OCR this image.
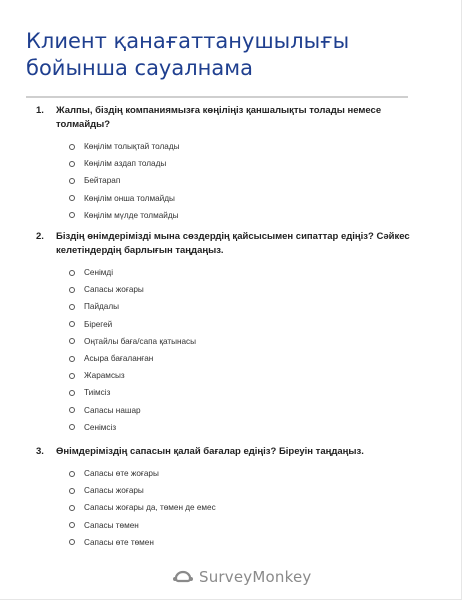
Клиент қанағаттанушылығы бойынша сауалнама
1.	Жалпы, біздің компаниямызға көңіліңіз қаншалықты толады немесе толмайды?
Көңілім толықтай толады
Көңілім аздап толады
Бейтарап
Көңілім онша толмайды
Көңілім мүлде толмайды
2.	Біздің өнімдерімізді мына сөздердің қайсысымен сипаттар едіңіз? Сәйкес келетіндердің барлығын таңдаңыз.
Сенімді
Сапасы жоғары
Пайдалы
Бірегей
Оңтайлы баға/сапа қатынасы
Асыра бағаланған
Жарамсыз
Тиімсіз
Сапасы нашар
Сенімсіз
3.	Өнімдеріміздің сапасын қалай бағалар едіңіз? Біреуін таңдаңыз.
Сапасы өте жоғары
Сапасы жоғары
Сапасы жоғары да, төмен де емес
Сапасы төмен
Сапасы өте төмен
SurveyMonkey
